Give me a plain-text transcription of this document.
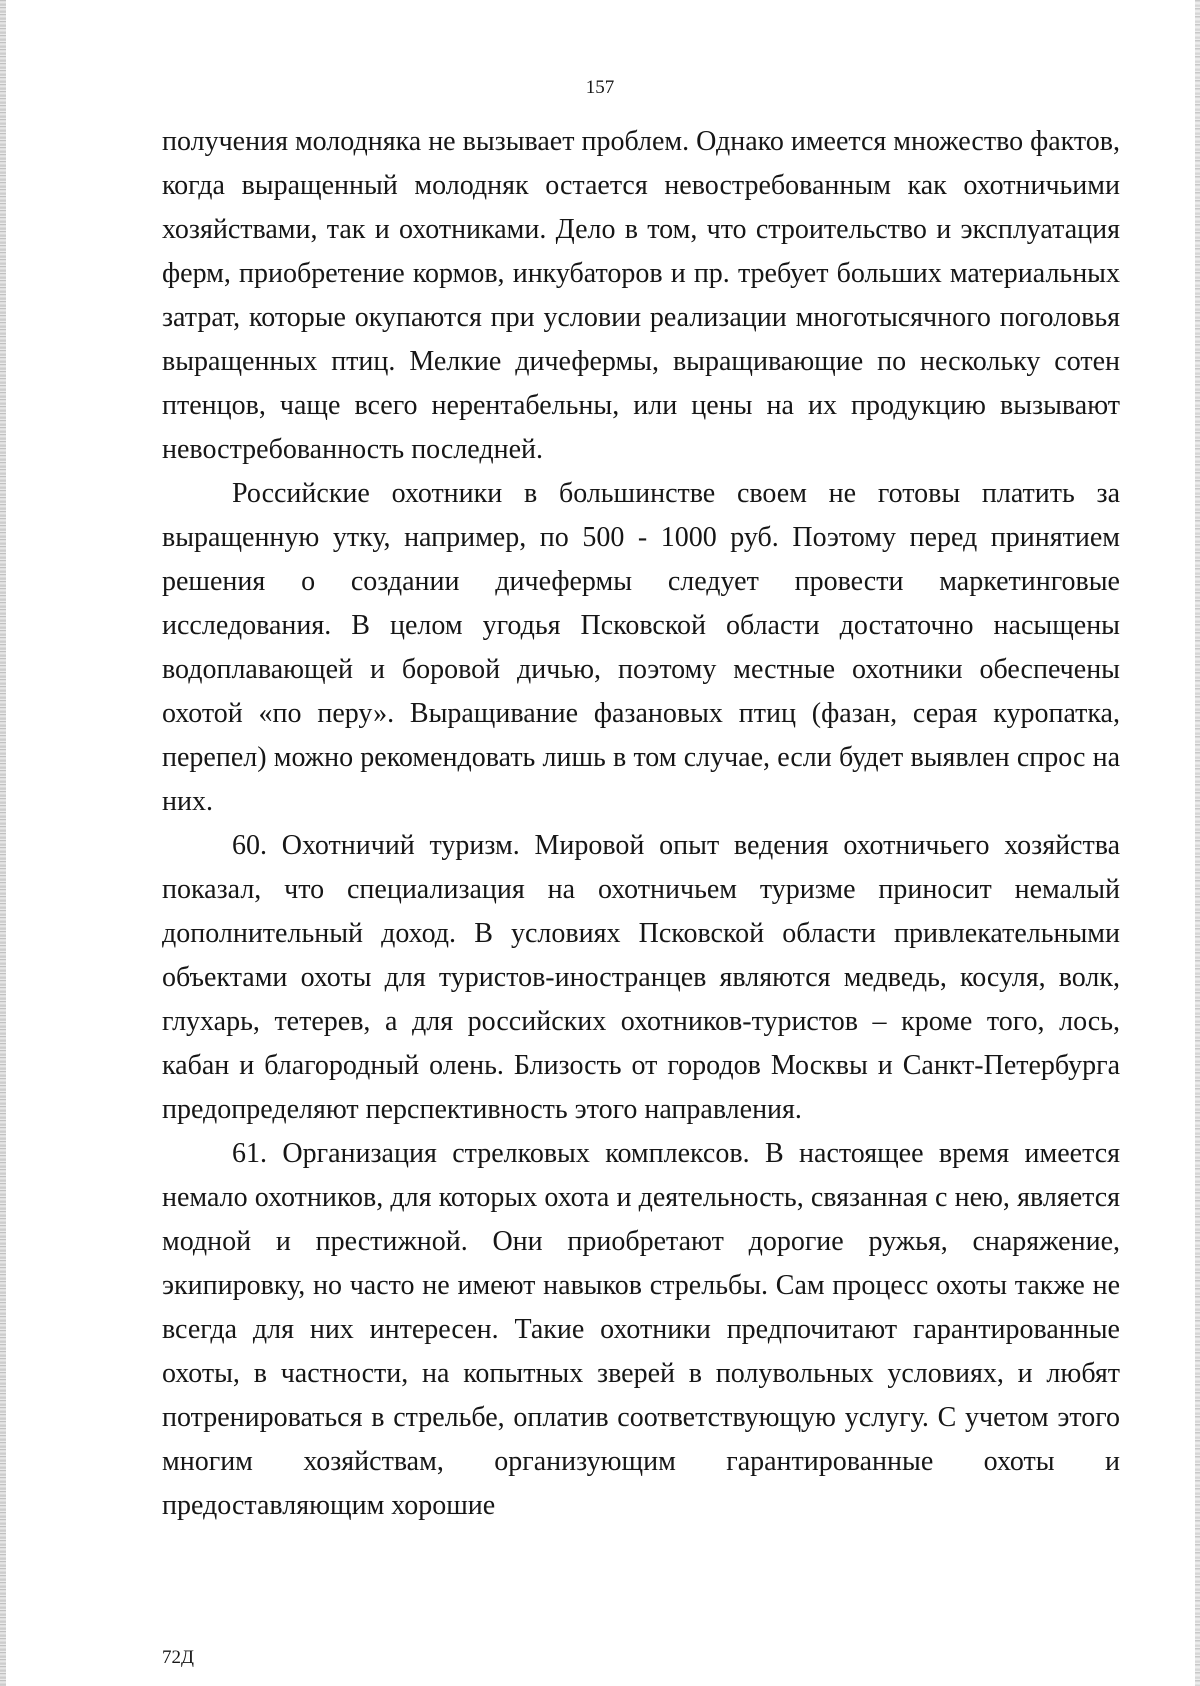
157

получения молодняка не вызывает проблем. Однако имеется множество фактов, когда выращенный молодняк остается невостребованным как охотничьими хозяйствами, так и охотниками. Дело в том, что строительство и эксплуатация ферм, приобретение кормов, инкубаторов и пр. требует больших материальных затрат, которые окупаются при условии реализации многотысячного поголовья выращенных птиц. Мелкие дичефермы, выращивающие по нескольку сотен птенцов, чаще всего нерентабельны, или цены на их продукцию вызывают невостребованность последней.

Российские охотники в большинстве своем не готовы платить за выращенную утку, например, по 500 - 1000 руб. Поэтому перед принятием решения о создании дичефермы следует провести маркетинговые исследования. В целом угодья Псковской области достаточно насыщены водоплавающей и боровой дичью, поэтому местные охотники обеспечены охотой «по перу». Выращивание фазановых птиц (фазан, серая куропатка, перепел) можно рекомендовать лишь в том случае, если будет выявлен спрос на них.

60. Охотничий туризм. Мировой опыт ведения охотничьего хозяйства показал, что специализация на охотничьем туризме приносит немалый дополнительный доход. В условиях Псковской области привлекательными объектами охоты для туристов-иностранцев являются медведь, косуля, волк, глухарь, тетерев, а для российских охотников-туристов – кроме того, лось, кабан и благородный олень. Близость от городов Москвы и Санкт-Петербурга предопределяют перспективность этого направления.

61. Организация стрелковых комплексов. В настоящее время имеется немало охотников, для которых охота и деятельность, связанная с нею, является модной и престижной. Они приобретают дорогие ружья, снаряжение, экипировку, но часто не имеют навыков стрельбы. Сам процесс охоты также не всегда для них интересен. Такие охотники предпочитают гарантированные охоты, в частности, на копытных зверей в полувольных условиях, и любят потренироваться в стрельбе, оплатив соответствующую услугу. С учетом этого многим хозяйствам, организующим гарантированные охоты и предоставляющим хорошие

72Д
